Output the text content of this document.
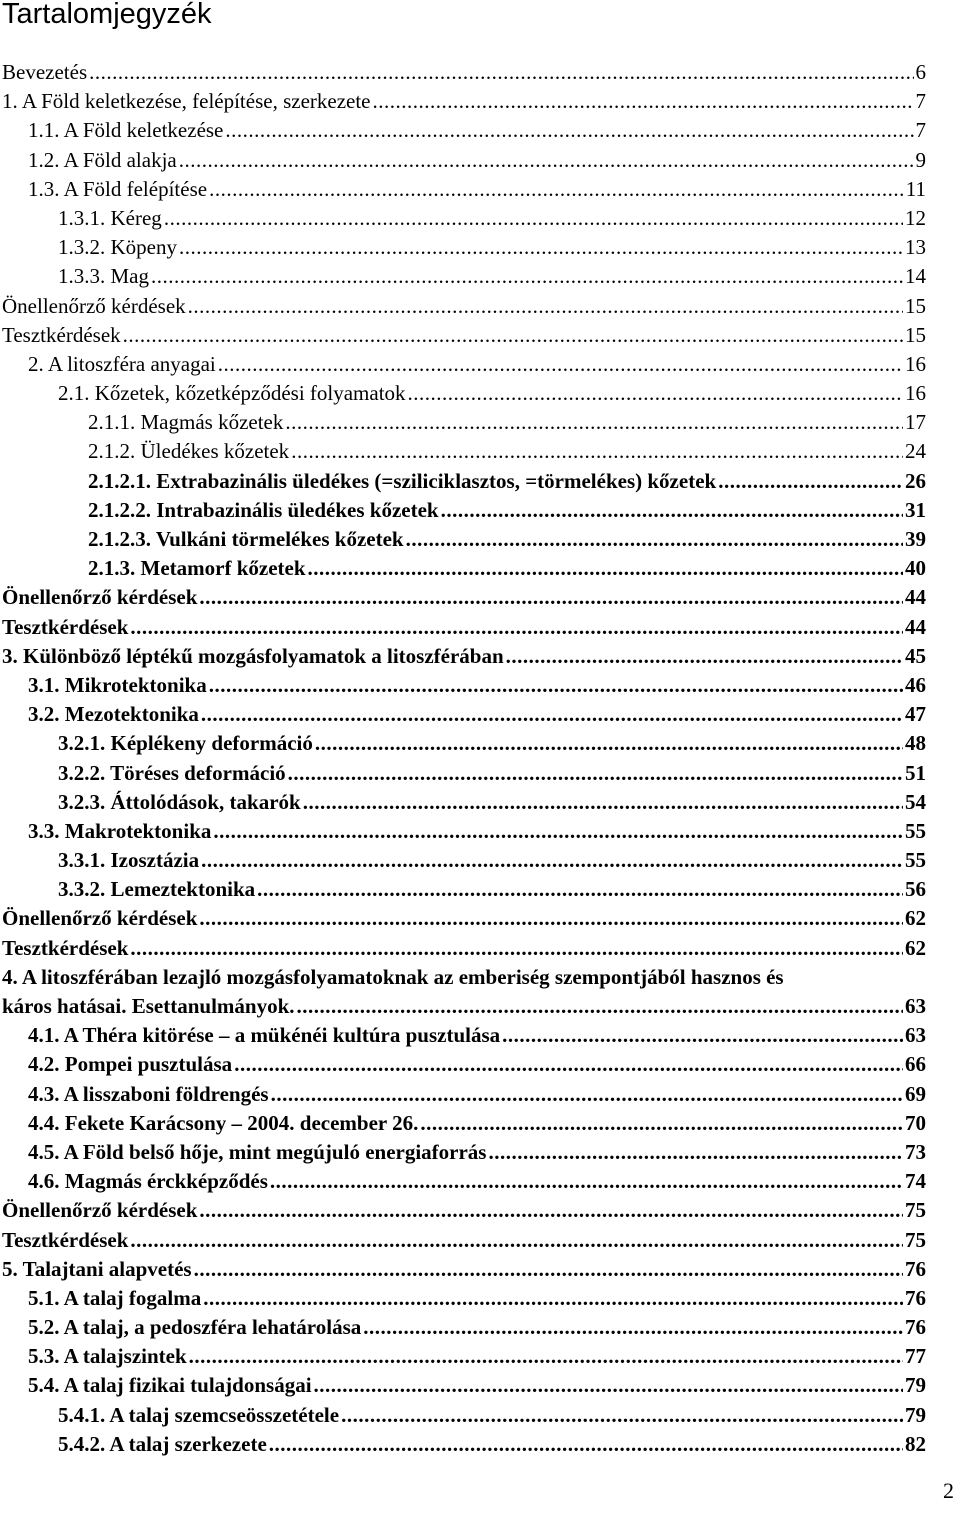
Tartalomjegyzék
Bevezetés .....	6
1. A Föld keletkezése, felépítése, szerkezete .....	7
1.1. A Föld keletkezése .....	7
1.2. A Föld alakja .....	9
1.3. A Föld felépítése .....	11
1.3.1. Kéreg .....	12
1.3.2. Köpeny .....	13
1.3.3. Mag .....	14
Önellenőrző kérdések .....	15
Tesztkérdések .....	15
2. A litoszféra anyagai .....	16
2.1. Kőzetek, kőzetképződési folyamatok .....	16
2.1.1. Magmás kőzetek .....	17
2.1.2. Üledékes kőzetek .....	24
2.1.2.1. Extrabazinális üledékes (=sziliciklasztos, =törmelékes) kőzetek .....	26
2.1.2.2. Intrabazinális üledékes kőzetek .....	31
2.1.2.3. Vulkáni törmelékes kőzetek .....	39
2.1.3. Metamorf kőzetek .....	40
Önellenőrző kérdések .....	44
Tesztkérdések .....	44
3. Különböző léptékű mozgásfolyamatok a litoszférában .....	45
3.1. Mikrotektonika .....	46
3.2. Mezotektonika .....	47
3.2.1. Képlékeny deformáció .....	48
3.2.2. Töréses deformáció .....	51
3.2.3. Áttolódások, takarók .....	54
3.3. Makrotektonika .....	55
3.3.1. Izosztázia .....	55
3.3.2. Lemeztektonika .....	56
Önellenőrző kérdések .....	62
Tesztkérdések .....	62
4. A litoszférában lezajló mozgásfolyamatoknak az emberiség szempontjából hasznos és
káros hatásai. Esettanulmányok. .....	63
4.1. A Théra kitörése – a mükénéi kultúra pusztulása .....	63
4.2. Pompei pusztulása .....	66
4.3. A lisszaboni földrengés .....	69
4.4. Fekete Karácsony – 2004. december 26. .....	70
4.5. A Föld belső hője, mint megújuló energiaforrás .....	73
4.6. Magmás érckképződés .....	74
Önellenőrző kérdések .....	75
Tesztkérdések .....	75
5. Talajtani alapvetés .....	76
5.1. A talaj fogalma .....	76
5.2. A talaj, a pedoszféra lehatárolása .....	76
5.3. A talajszintek .....	77
5.4. A talaj fizikai tulajdonságai .....	79
5.4.1. A talaj szemcseösszetétele .....	79
5.4.2. A talaj szerkezete .....	82
2
